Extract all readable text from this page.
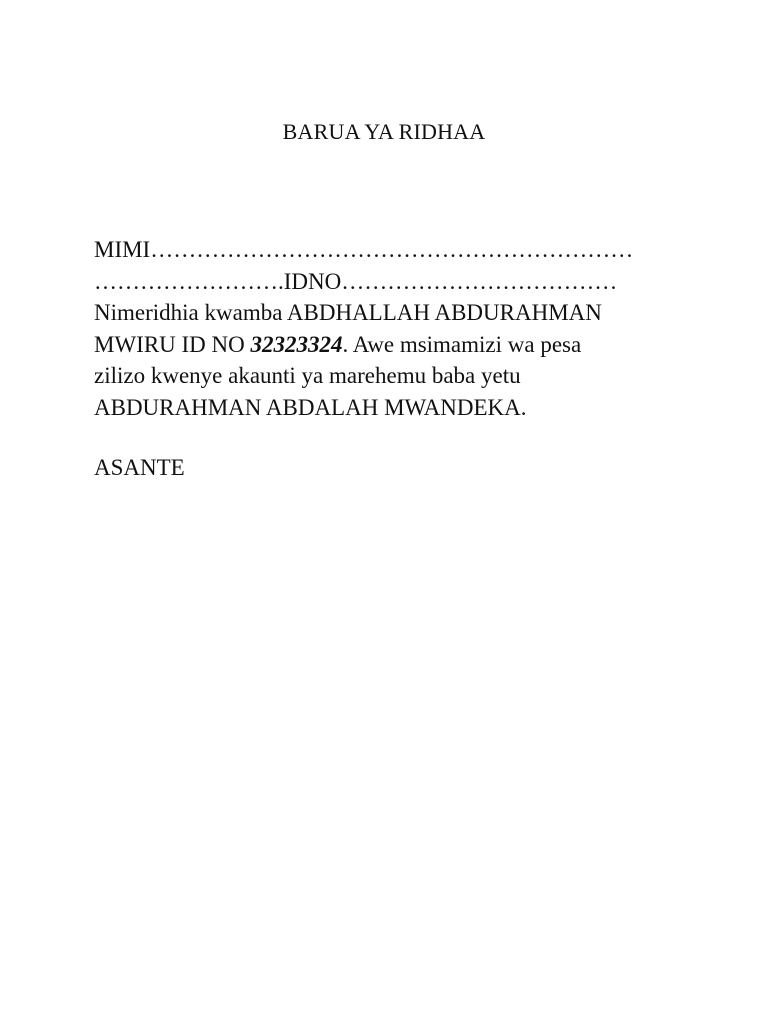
BARUA YA RIDHAA
MIMI………………………………………………………
…………………….IDNO………………………………
Nimeridhia kwamba ABDHALLAH ABDURAHMAN
MWIRU ID NO 32323324. Awe msimamizi wa pesa
zilizo kwenye akaunti ya marehemu baba yetu
ABDURAHMAN ABDALAH MWANDEKA.
ASANTE
